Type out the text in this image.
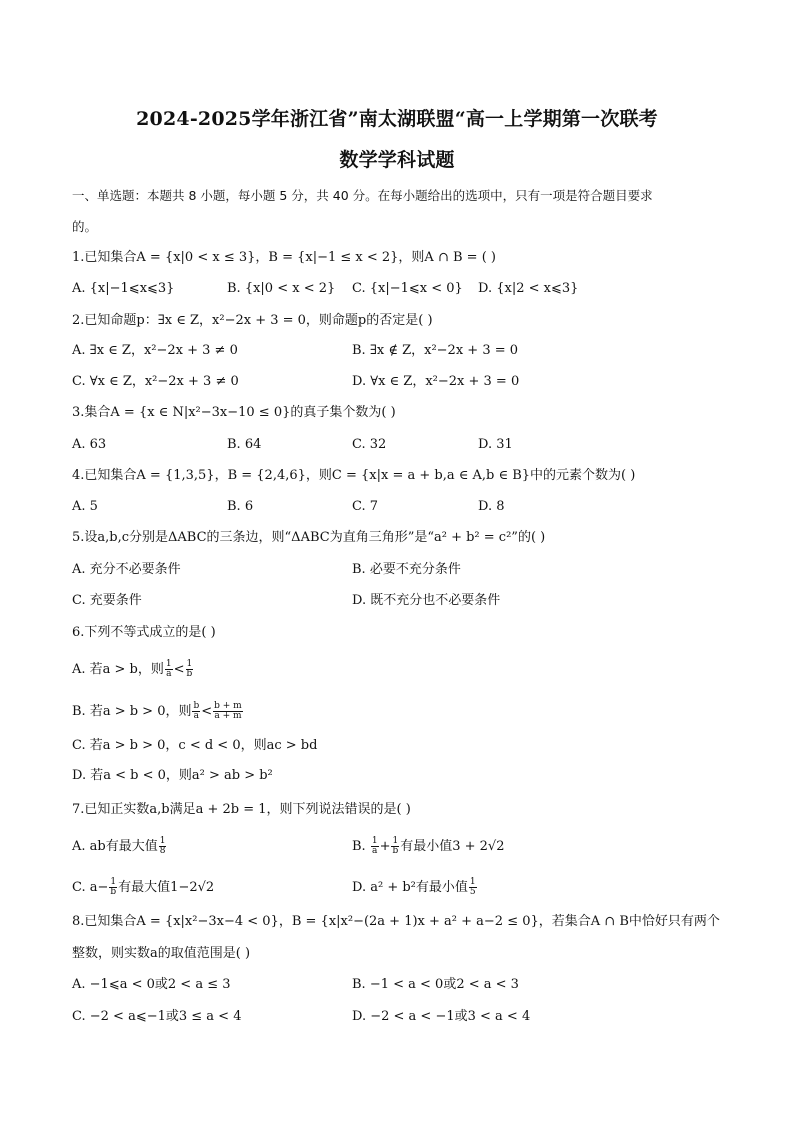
2024-2025学年浙江省”南太湖联盟“高一上学期第一次联考
数学学科试题
一、单选题：本题共 8 小题，每小题 5 分，共 40 分。在每小题给出的选项中，只有一项是符合题目要求
的。
1.已知集合A = {x|0 < x ≤ 3}，B = {x|−1 ≤ x < 2}，则A ∩ B = ( )
A. {x|−1⩽x⩽3}	B. {x|0 < x < 2} C. {x|−1⩽x < 0} D. {x|2 < x⩽3}
2.已知命题p：∃x ∈ Z，x²−2x + 3 = 0，则命题p的否定是( )
A. ∃x ∈ Z，x²−2x + 3 ≠ 0	B. ∃x ∉ Z，x²−2x + 3 = 0
C. ∀x ∈ Z，x²−2x + 3 ≠ 0	D. ∀x ∈ Z，x²−2x + 3 = 0
3.集合A = {x ∈ N|x²−3x−10 ≤ 0}的真子集个数为( )
A. 63	B. 64	C. 32	D. 31
4.已知集合A = {1,3,5}，B = {2,4,6}，则C = {x|x = a + b,a ∈ A,b ∈ B}中的元素个数为( )
A. 5	B. 6	C. 7	D. 8
5.设a,b,c分别是ΔABC的三条边，则“ΔABC为直角三角形”是“a² + b² = c²”的( )
A. 充分不必要条件	B. 必要不充分条件
C. 充要条件	D. 既不充分也不必要条件
6.下列不等式成立的是( )
A. 若a > b，则 $\frac{1}{a} < \frac{1}{b}$
B. 若a > b > 0，则 $\frac{b}{a} < \frac{b + m}{a + m}$
C. 若a > b > 0，c < d < 0，则ac > bd
D. 若a < b < 0，则a² > ab > b²
7.已知正实数a,b满足a + 2b = 1，则下列说法错误的是( )
A. ab有最大值 $\frac{1}{8}$	B. $\frac{1}{a} + \frac{1}{b}$ 有最小值3 + 2√2
C. $a- \frac{1}{b}$ 有最大值1−2√2	D. a² + b²有最小值 $\frac{1}{5}$
8.已知集合A = {x|x²−3x−4 < 0}，B = {x|x²−(2a + 1)x + a² + a−2 ≤ 0}，若集合A ∩ B中恰好只有两个
整数，则实数a的取值范围是( )
A. −1⩽a < 0或2 < a ≤ 3	B. −1 < a < 0或2 < a < 3
C. −2 < a⩽−1或3 ≤ a < 4	D. −2 < a < −1或3 < a < 4
